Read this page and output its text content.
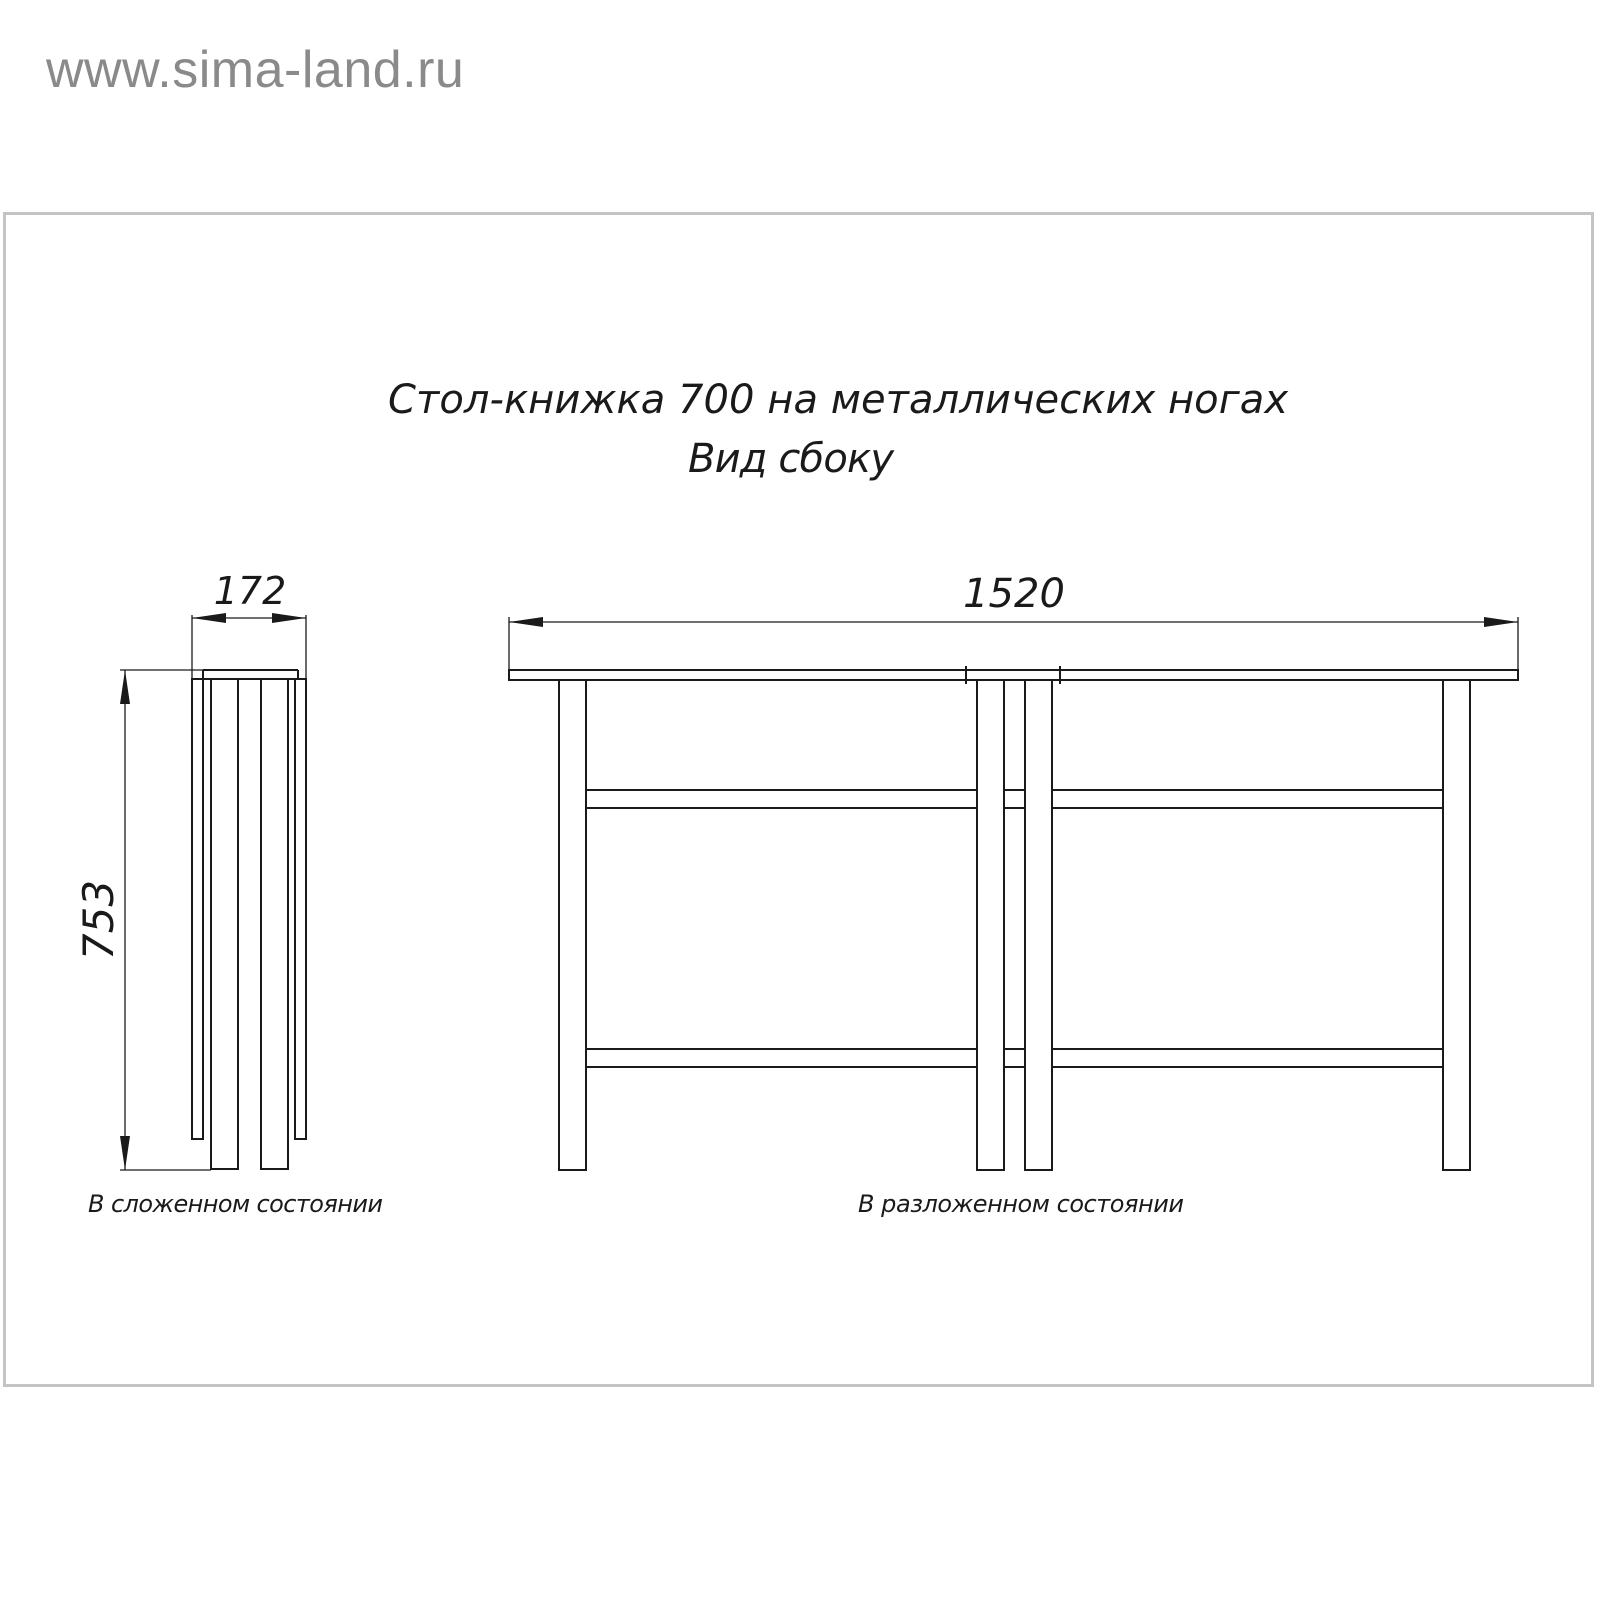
www.sima-land.ru
Стол-книжка 700 на металлических ногах
Вид сбоку
172
753
В сложенном состоянии
1520
В разложенном состоянии
